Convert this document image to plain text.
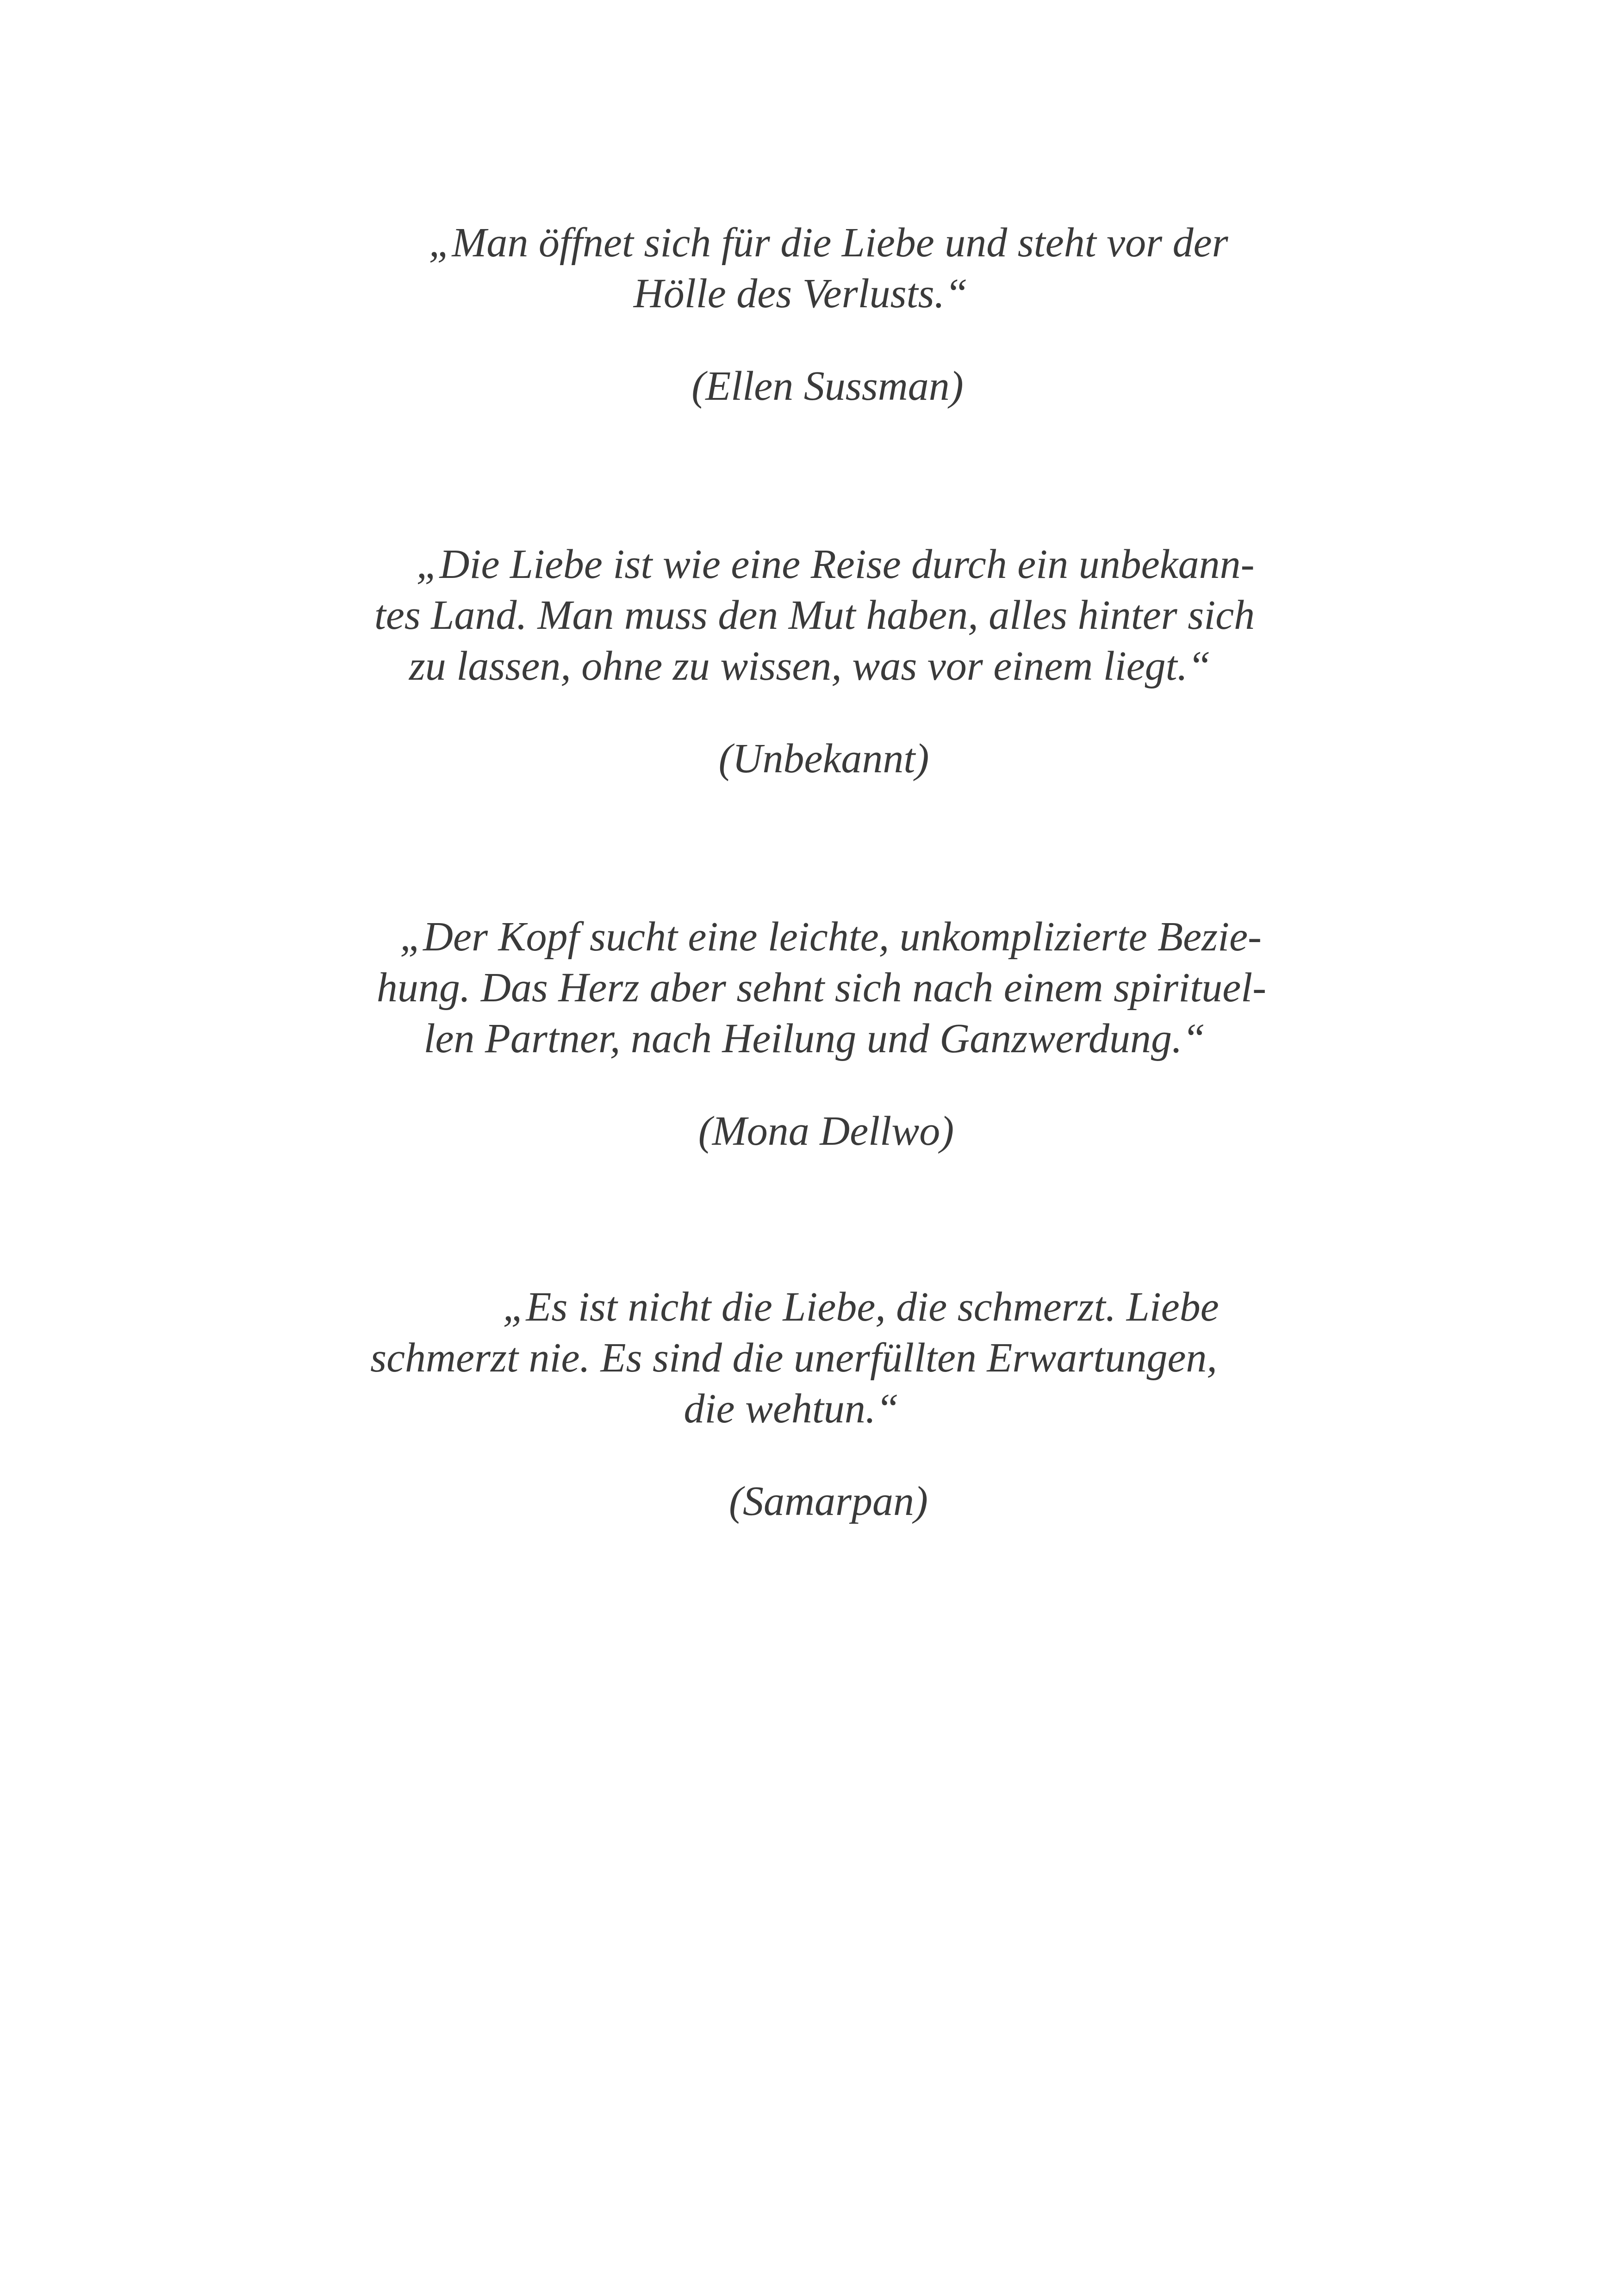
„Man öffnet sich für die Liebe und steht vor der
Hölle des Verlusts.“
(Ellen Sussman)
„Die Liebe ist wie eine Reise durch ein unbekann-
tes Land. Man muss den Mut haben, alles hinter sich
zu lassen, ohne zu wissen, was vor einem liegt.“
(Unbekannt)
„Der Kopf sucht eine leichte, unkomplizierte Bezie-
hung. Das Herz aber sehnt sich nach einem spirituel-
len Partner, nach Heilung und Ganzwerdung.“
(Mona Dellwo)
„Es ist nicht die Liebe, die schmerzt. Liebe
schmerzt nie. Es sind die unerfüllten Erwartungen,
die wehtun.“
(Samarpan)
